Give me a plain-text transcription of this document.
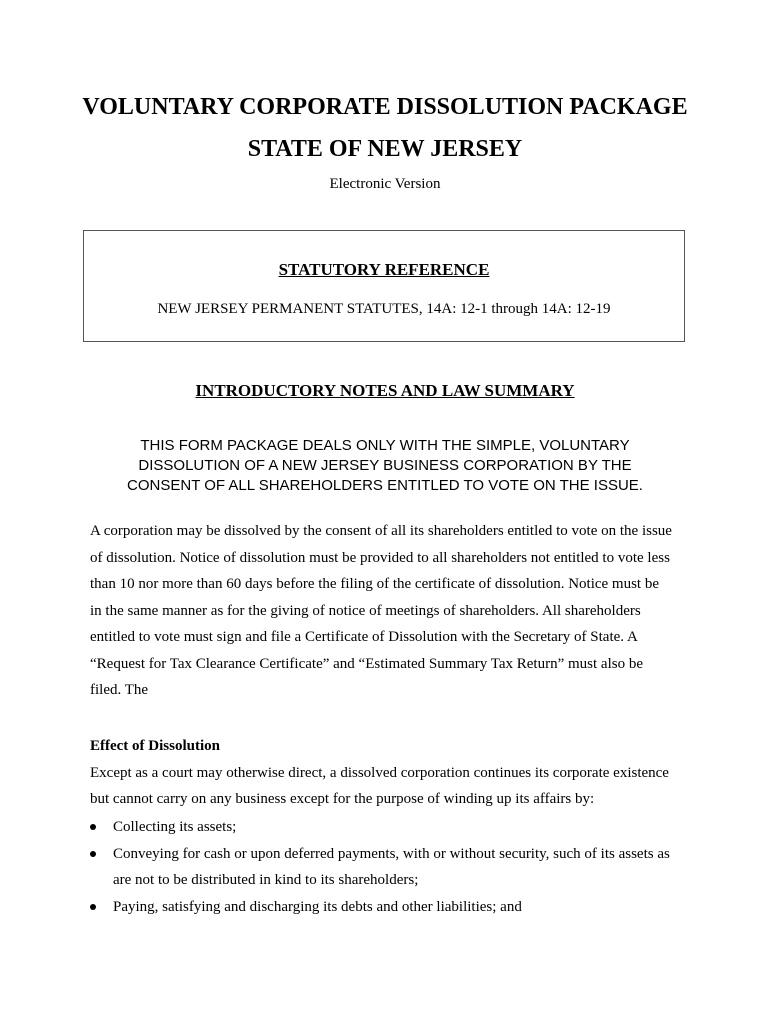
VOLUNTARY CORPORATE DISSOLUTION PACKAGE
STATE OF NEW JERSEY
Electronic Version
STATUTORY REFERENCE
NEW JERSEY PERMANENT STATUTES, 14A: 12-1 through 14A: 12-19
INTRODUCTORY NOTES AND LAW SUMMARY
THIS FORM PACKAGE DEALS ONLY WITH THE SIMPLE, VOLUNTARY
DISSOLUTION OF A NEW JERSEY BUSINESS CORPORATION BY THE
CONSENT OF ALL SHAREHOLDERS ENTITLED TO VOTE ON THE ISSUE.
A corporation may be dissolved by the consent of all its shareholders entitled to vote on the issue
of dissolution. Notice of dissolution must be provided to all shareholders not entitled to vote less
than 10 nor more than 60 days before the filing of the certificate of dissolution. Notice must be
in the same manner as for the giving of notice of meetings of shareholders. All shareholders
entitled to vote must sign and file a Certificate of Dissolution with the Secretary of State. A
“Request for Tax Clearance Certificate” and “Estimated Summary Tax Return” must also be
filed. The
Effect of Dissolution
Except as a court may otherwise direct, a dissolved corporation continues its corporate existence
but cannot carry on any business except for the purpose of winding up its affairs by:
Collecting its assets;
Conveying for cash or upon deferred payments, with or without security, such of its assets as
are not to be distributed in kind to its shareholders;
Paying, satisfying and discharging its debts and other liabilities; and
